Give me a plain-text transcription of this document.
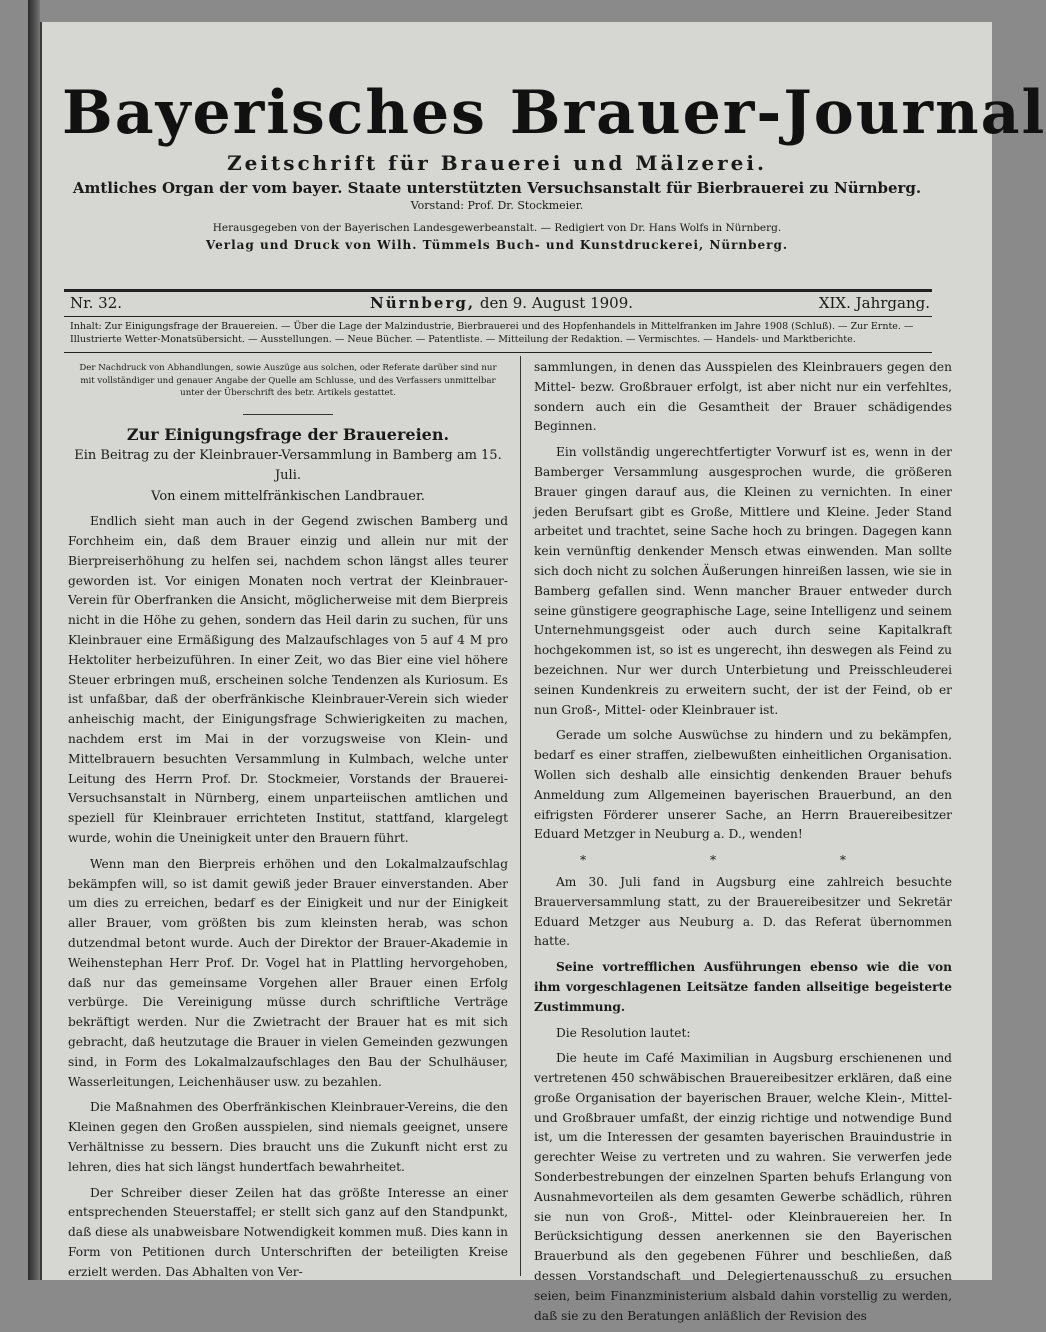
Bayerisches Brauer-Journal
Zeitschrift für Brauerei und Mälzerei.
Amtliches Organ der vom bayer. Staate unterstützten Versuchsanstalt für Bierbrauerei zu Nürnberg.
Vorstand: Prof. Dr. Stockmeier.
Herausgegeben von der Bayerischen Landesgewerbeanstalt. — Redigiert von Dr. Hans Wolfs in Nürnberg.
Verlag und Druck von Wilh. Tümmels Buch- und Kunstdruckerei, Nürnberg.
Nr. 32.	Nürnberg, den 9. August 1909.	XIX. Jahrgang.
Inhalt: Zur Einigungsfrage der Brauereien. — Über die Lage der Malzindustrie, Bierbrauerei und des Hopfenhandels in Mittelfranken im Jahre 1908 (Schluß). — Zur Ernte. — Illustrierte Wetter-Monatsübersicht. — Ausstellungen. — Neue Bücher. — Patentliste. — Mitteilung der Redaktion. — Vermischtes. — Handels- und Marktberichte.
Der Nachdruck von Abhandlungen, sowie Auszüge aus solchen, oder Referate darüber sind nur mit vollständiger und genauer Angabe der Quelle am Schlusse, und des Verfassers unmittelbar unter der Überschrift des betr. Artikels gestattet.
Zur Einigungsfrage der Brauereien.
Ein Beitrag zu der Kleinbrauer-Versammlung in Bamberg am 15. Juli.
Von einem mittelfränkischen Landbrauer.

Endlich sieht man auch in der Gegend zwischen Bamberg und Forchheim ein, daß dem Brauer einzig und allein nur mit der Bierpreiserhöhung zu helfen sei, nachdem schon längst alles teurer geworden ist. Vor einigen Monaten noch vertrat der Kleinbrauer-Verein für Oberfranken die Ansicht, möglicherweise mit dem Bierpreis nicht in die Höhe zu gehen, sondern das Heil darin zu suchen, für uns Kleinbrauer eine Ermäßigung des Malzaufschlages von 5 auf 4 M pro Hektoliter herbeizuführen. In einer Zeit, wo das Bier eine viel höhere Steuer erbringen muß, erscheinen solche Tendenzen als Kuriosum. Es ist unfaßbar, daß der oberfränkische Kleinbrauer-Verein sich wieder anheischig macht, der Einigungsfrage Schwierigkeiten zu machen, nachdem erst im Mai in der vorzugsweise von Klein- und Mittelbrauern besuchten Versammlung in Kulmbach, welche unter Leitung des Herrn Prof. Dr. Stockmeier, Vorstands der Brauerei-Versuchsanstalt in Nürnberg, einem unparteiischen amtlichen und speziell für Kleinbrauer errichteten Institut, stattfand, klargelegt wurde, wohin die Uneinigkeit unter den Brauern führt.

Wenn man den Bierpreis erhöhen und den Lokalmalzaufschlag bekämpfen will, so ist damit gewiß jeder Brauer einverstanden. Aber um dies zu erreichen, bedarf es der Einigkeit und nur der Einigkeit aller Brauer, vom größten bis zum kleinsten herab, was schon dutzendmal betont wurde. Auch der Direktor der Brauer-Akademie in Weihenstephan Herr Prof. Dr. Vogel hat in Plattling hervorgehoben, daß nur das gemeinsame Vorgehen aller Brauer einen Erfolg verbürge. Die Vereinigung müsse durch schriftliche Verträge bekräftigt werden. Nur die Zwietracht der Brauer hat es mit sich gebracht, daß heutzutage die Brauer in vielen Gemeinden gezwungen sind, in Form des Lokalmalzaufschlages den Bau der Schulhäuser, Wasserleitungen, Leichenhäuser usw. zu bezahlen.

Die Maßnahmen des Oberfränkischen Kleinbrauer-Vereins, die den Kleinen gegen den Großen ausspielen, sind niemals geeignet, unsere Verhältnisse zu bessern. Dies braucht uns die Zukunft nicht erst zu lehren, dies hat sich längst hundertfach bewahrheitet.

Der Schreiber dieser Zeilen hat das größte Interesse an einer entsprechenden Steuerstaffel; er stellt sich ganz auf den Standpunkt, daß diese als unabweisbare Notwendigkeit kommen muß. Dies kann in Form von Petitionen durch Unterschriften der beteiligten Kreise erzielt werden. Das Abhalten von Ver-

sammlungen, in denen das Ausspielen des Kleinbrauers gegen den Mittel- bezw. Großbrauer erfolgt, ist aber nicht nur ein verfehltes, sondern auch ein die Gesamtheit der Brauer schädigendes Beginnen.

Ein vollständig ungerechtfertigter Vorwurf ist es, wenn in der Bamberger Versammlung ausgesprochen wurde, die größeren Brauer gingen darauf aus, die Kleinen zu vernichten. In einer jeden Berufsart gibt es Große, Mittlere und Kleine. Jeder Stand arbeitet und trachtet, seine Sache hoch zu bringen. Dagegen kann kein vernünftig denkender Mensch etwas einwenden. Man sollte sich doch nicht zu solchen Äußerungen hinreißen lassen, wie sie in Bamberg gefallen sind. Wenn mancher Brauer entweder durch seine günstigere geographische Lage, seine Intelligenz und seinem Unternehmungsgeist oder auch durch seine Kapitalkraft hochgekommen ist, so ist es ungerecht, ihn deswegen als Feind zu bezeichnen. Nur wer durch Unterbietung und Preisschleuderei seinen Kundenkreis zu erweitern sucht, der ist der Feind, ob er nun Groß-, Mittel- oder Kleinbrauer ist.

Gerade um solche Auswüchse zu hindern und zu bekämpfen, bedarf es einer straffen, zielbewußten einheitlichen Organisation. Wollen sich deshalb alle einsichtig denkenden Brauer behufs Anmeldung zum Allgemeinen bayerischen Brauerbund, an den eifrigsten Förderer unserer Sache, an Herrn Brauereibesitzer Eduard Metzger in Neuburg a. D., wenden!

* * *

Am 30. Juli fand in Augsburg eine zahlreich besuchte Brauerversammlung statt, zu der Brauereibesitzer und Sekretär Eduard Metzger aus Neuburg a. D. das Referat übernommen hatte.

Seine vortrefflichen Ausführungen ebenso wie die von ihm vorgeschlagenen Leitsätze fanden allseitige begeisterte Zustimmung.

Die Resolution lautet:

Die heute im Café Maximilian in Augsburg erschienenen und vertretenen 450 schwäbischen Brauereibesitzer erklären, daß eine große Organisation der bayerischen Brauer, welche Klein-, Mittel- und Großbrauer umfaßt, der einzig richtige und notwendige Bund ist, um die Interessen der gesamten bayerischen Brauindustrie in gerechter Weise zu vertreten und zu wahren. Sie verwerfen jede Sonderbestrebungen der einzelnen Sparten behufs Erlangung von Ausnahmevorteilen als dem gesamten Gewerbe schädlich, rühren sie nun von Groß-, Mittel- oder Kleinbrauereien her. In Berücksichtigung dessen anerkennen sie den Bayerischen Brauerbund als den gegebenen Führer und beschließen, daß dessen Vorstandschaft und Delegiertenausschuß zu ersuchen seien, beim Finanzministerium alsbald dahin vorstellig zu werden, daß sie zu den Beratungen anläßlich der Revision des
